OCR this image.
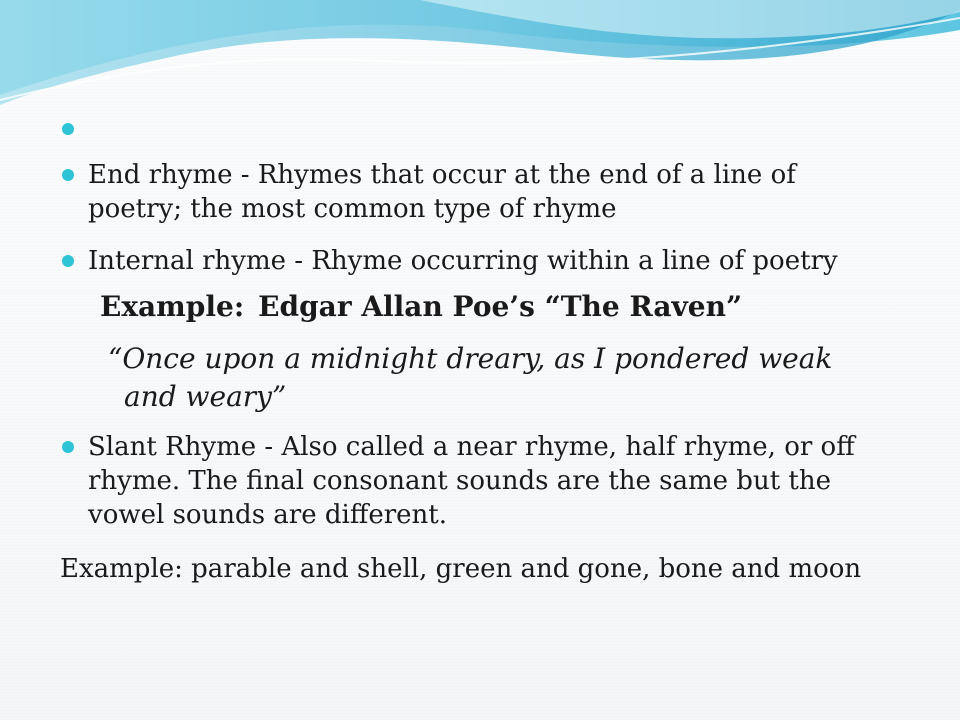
End rhyme - Rhymes that occur at the end of a line of
poetry; the most common type of rhyme
Internal rhyme - Rhyme occurring within a line of poetry
Example: Edgar Allan Poe’s “The Raven”
“Once upon a midnight dreary, as I pondered weak
and weary”
Slant Rhyme - Also called a near rhyme, half rhyme, or off
rhyme. The final consonant sounds are the same but the
vowel sounds are different.
Example: parable and shell, green and gone, bone and moon
